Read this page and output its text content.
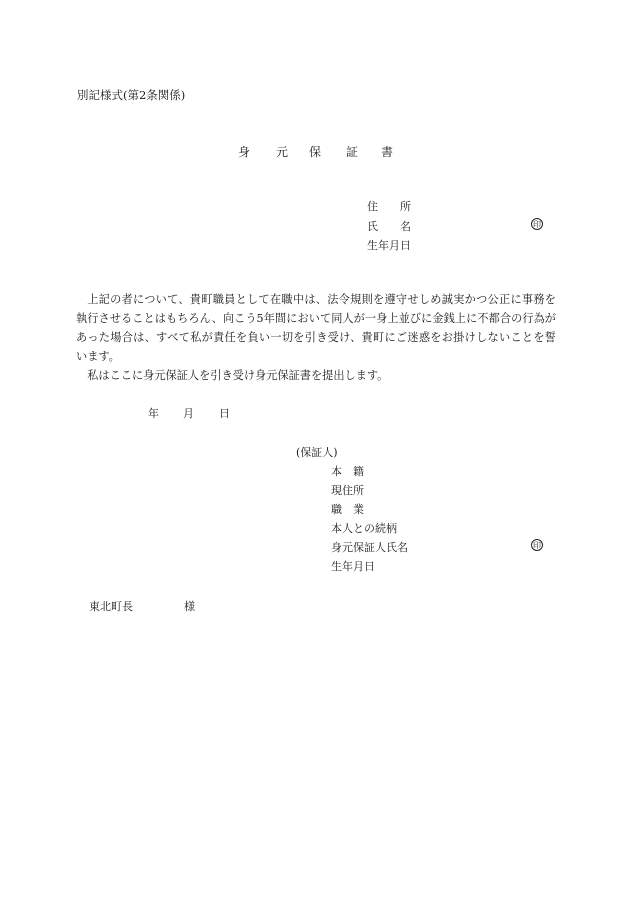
別記様式(第2条関係)
身 元 保 証 書
住　　所
氏　　名	印
生年月日

上記の者について、貴町職員として在職中は、法令規則を遵守せしめ誠実かつ公正に事務を執行させることはもちろん、向こう5年間において同人が一身上並びに金銭上に不都合の行為があった場合は、すべて私が責任を負い一切を引き受け、貴町にご迷惑をお掛けしないことを誓います。

私はここに身元保証人を引き受け身元保証書を提出します。

年 月 日
(保証人)
本　籍
現住所
職　業
本人との続柄
身元保証人氏名	印
生年月日
東北町長	様
